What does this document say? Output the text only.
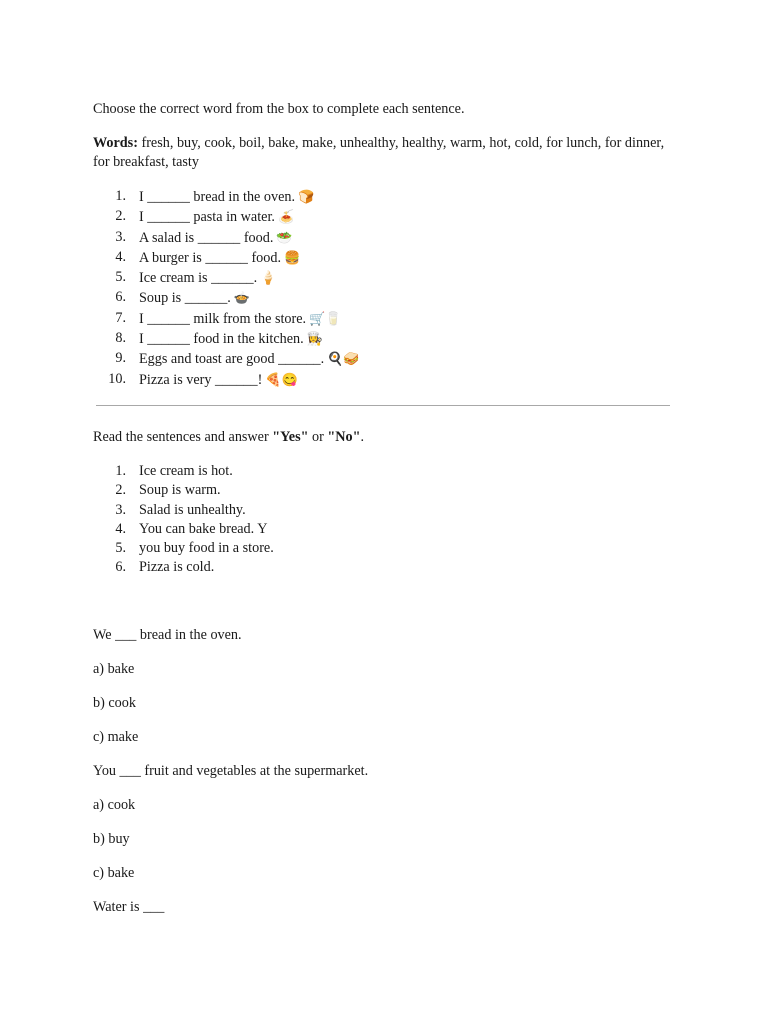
Choose the correct word from the box to complete each sentence.

Words: fresh, buy, cook, boil, bake, make, unhealthy, healthy, warm, hot, cold, for lunch, for dinner, for breakfast, tasty

1. I ______ bread in the oven. 🍞
2. I ______ pasta in water. 🍝
3. A salad is ______ food. 🥗
4. A burger is ______ food. 🍔
5. Ice cream is ______. 🍦
6. Soup is ______. 🍲
7. I ______ milk from the store. 🛒🥛
8. I ______ food in the kitchen. 👩‍🍳
9. Eggs and toast are good ______. 🍳🥪
10. Pizza is very ______! 🍕😋

Read the sentences and answer "Yes" or "No".

1. Ice cream is hot.
2. Soup is warm.
3. Salad is unhealthy.
4. You can bake bread. Y
5. you buy food in a store.
6. Pizza is cold.

We ___ bread in the oven.

a) bake

b) cook

c) make

You ___ fruit and vegetables at the supermarket.

a) cook

b) buy

c) bake

Water is ___
